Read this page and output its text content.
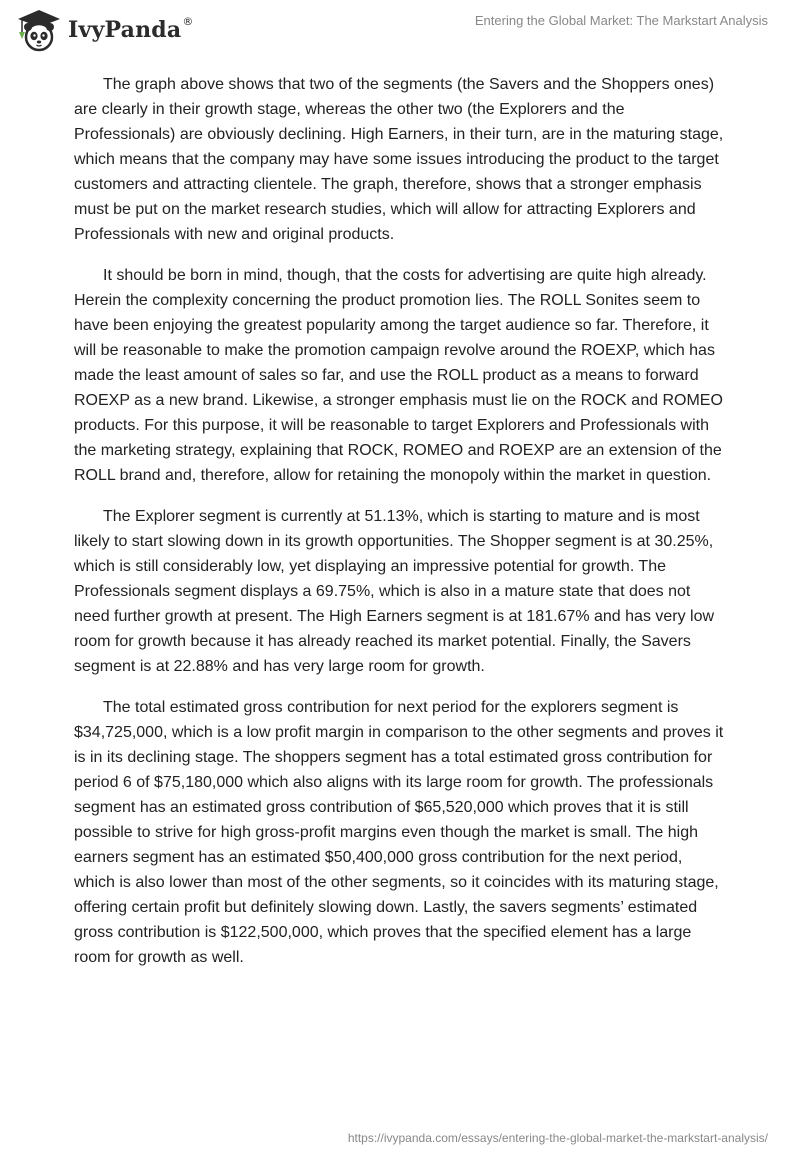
IvyPanda ®	Entering the Global Market: The Markstart Analysis

The graph above shows that two of the segments (the Savers and the Shoppers ones) are clearly in their growth stage, whereas the other two (the Explorers and the Professionals) are obviously declining. High Earners, in their turn, are in the maturing stage, which means that the company may have some issues introducing the product to the target customers and attracting clientele. The graph, therefore, shows that a stronger emphasis must be put on the market research studies, which will allow for attracting Explorers and Professionals with new and original products.

It should be born in mind, though, that the costs for advertising are quite high already. Herein the complexity concerning the product promotion lies. The ROLL Sonites seem to have been enjoying the greatest popularity among the target audience so far. Therefore, it will be reasonable to make the promotion campaign revolve around the ROEXP, which has made the least amount of sales so far, and use the ROLL product as a means to forward ROEXP as a new brand. Likewise, a stronger emphasis must lie on the ROCK and ROMEO products. For this purpose, it will be reasonable to target Explorers and Professionals with the marketing strategy, explaining that ROCK, ROMEO and ROEXP are an extension of the ROLL brand and, therefore, allow for retaining the monopoly within the market in question.

The Explorer segment is currently at 51.13%, which is starting to mature and is most likely to start slowing down in its growth opportunities. The Shopper segment is at 30.25%, which is still considerably low, yet displaying an impressive potential for growth. The Professionals segment displays a 69.75%, which is also in a mature state that does not need further growth at present. The High Earners segment is at 181.67% and has very low room for growth because it has already reached its market potential. Finally, the Savers segment is at 22.88% and has very large room for growth.

The total estimated gross contribution for next period for the explorers segment is $34,725,000, which is a low profit margin in comparison to the other segments and proves it is in its declining stage. The shoppers segment has a total estimated gross contribution for period 6 of $75,180,000 which also aligns with its large room for growth. The professionals segment has an estimated gross contribution of $65,520,000 which proves that it is still possible to strive for high gross-profit margins even though the market is small. The high earners segment has an estimated $50,400,000 gross contribution for the next period, which is also lower than most of the other segments, so it coincides with its maturing stage, offering certain profit but definitely slowing down. Lastly, the savers segments’ estimated gross contribution is $122,500,000, which proves that the specified element has a large room for growth as well.

https://ivypanda.com/essays/entering-the-global-market-the-markstart-analysis/
